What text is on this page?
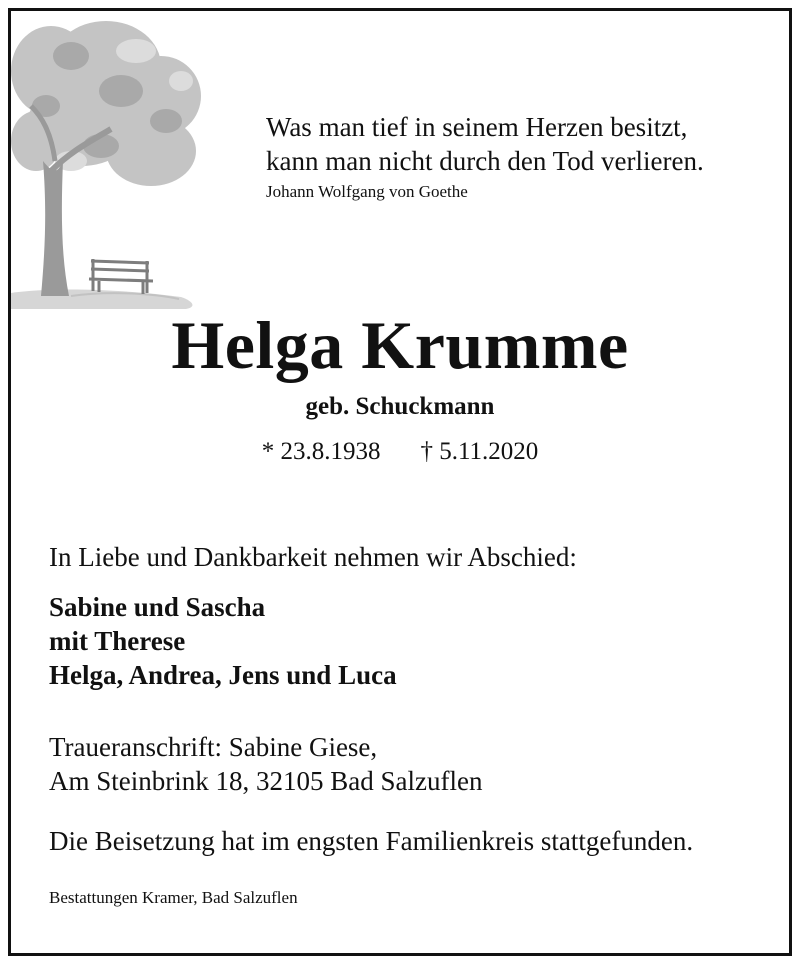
Was man tief in seinem Herzen besitzt,
kann man nicht durch den Tod verlieren.
Johann Wolfgang von Goethe
Helga Krumme
geb. Schuckmann
* 23.8.1938 † 5.11.2020
In Liebe und Dankbarkeit nehmen wir Abschied:
Sabine und Sascha
mit Therese
Helga, Andrea, Jens und Luca
Traueranschrift: Sabine Giese,
Am Steinbrink 18, 32105 Bad Salzuflen
Die Beisetzung hat im engsten Familienkreis stattgefunden.
Bestattungen Kramer, Bad Salzuflen
